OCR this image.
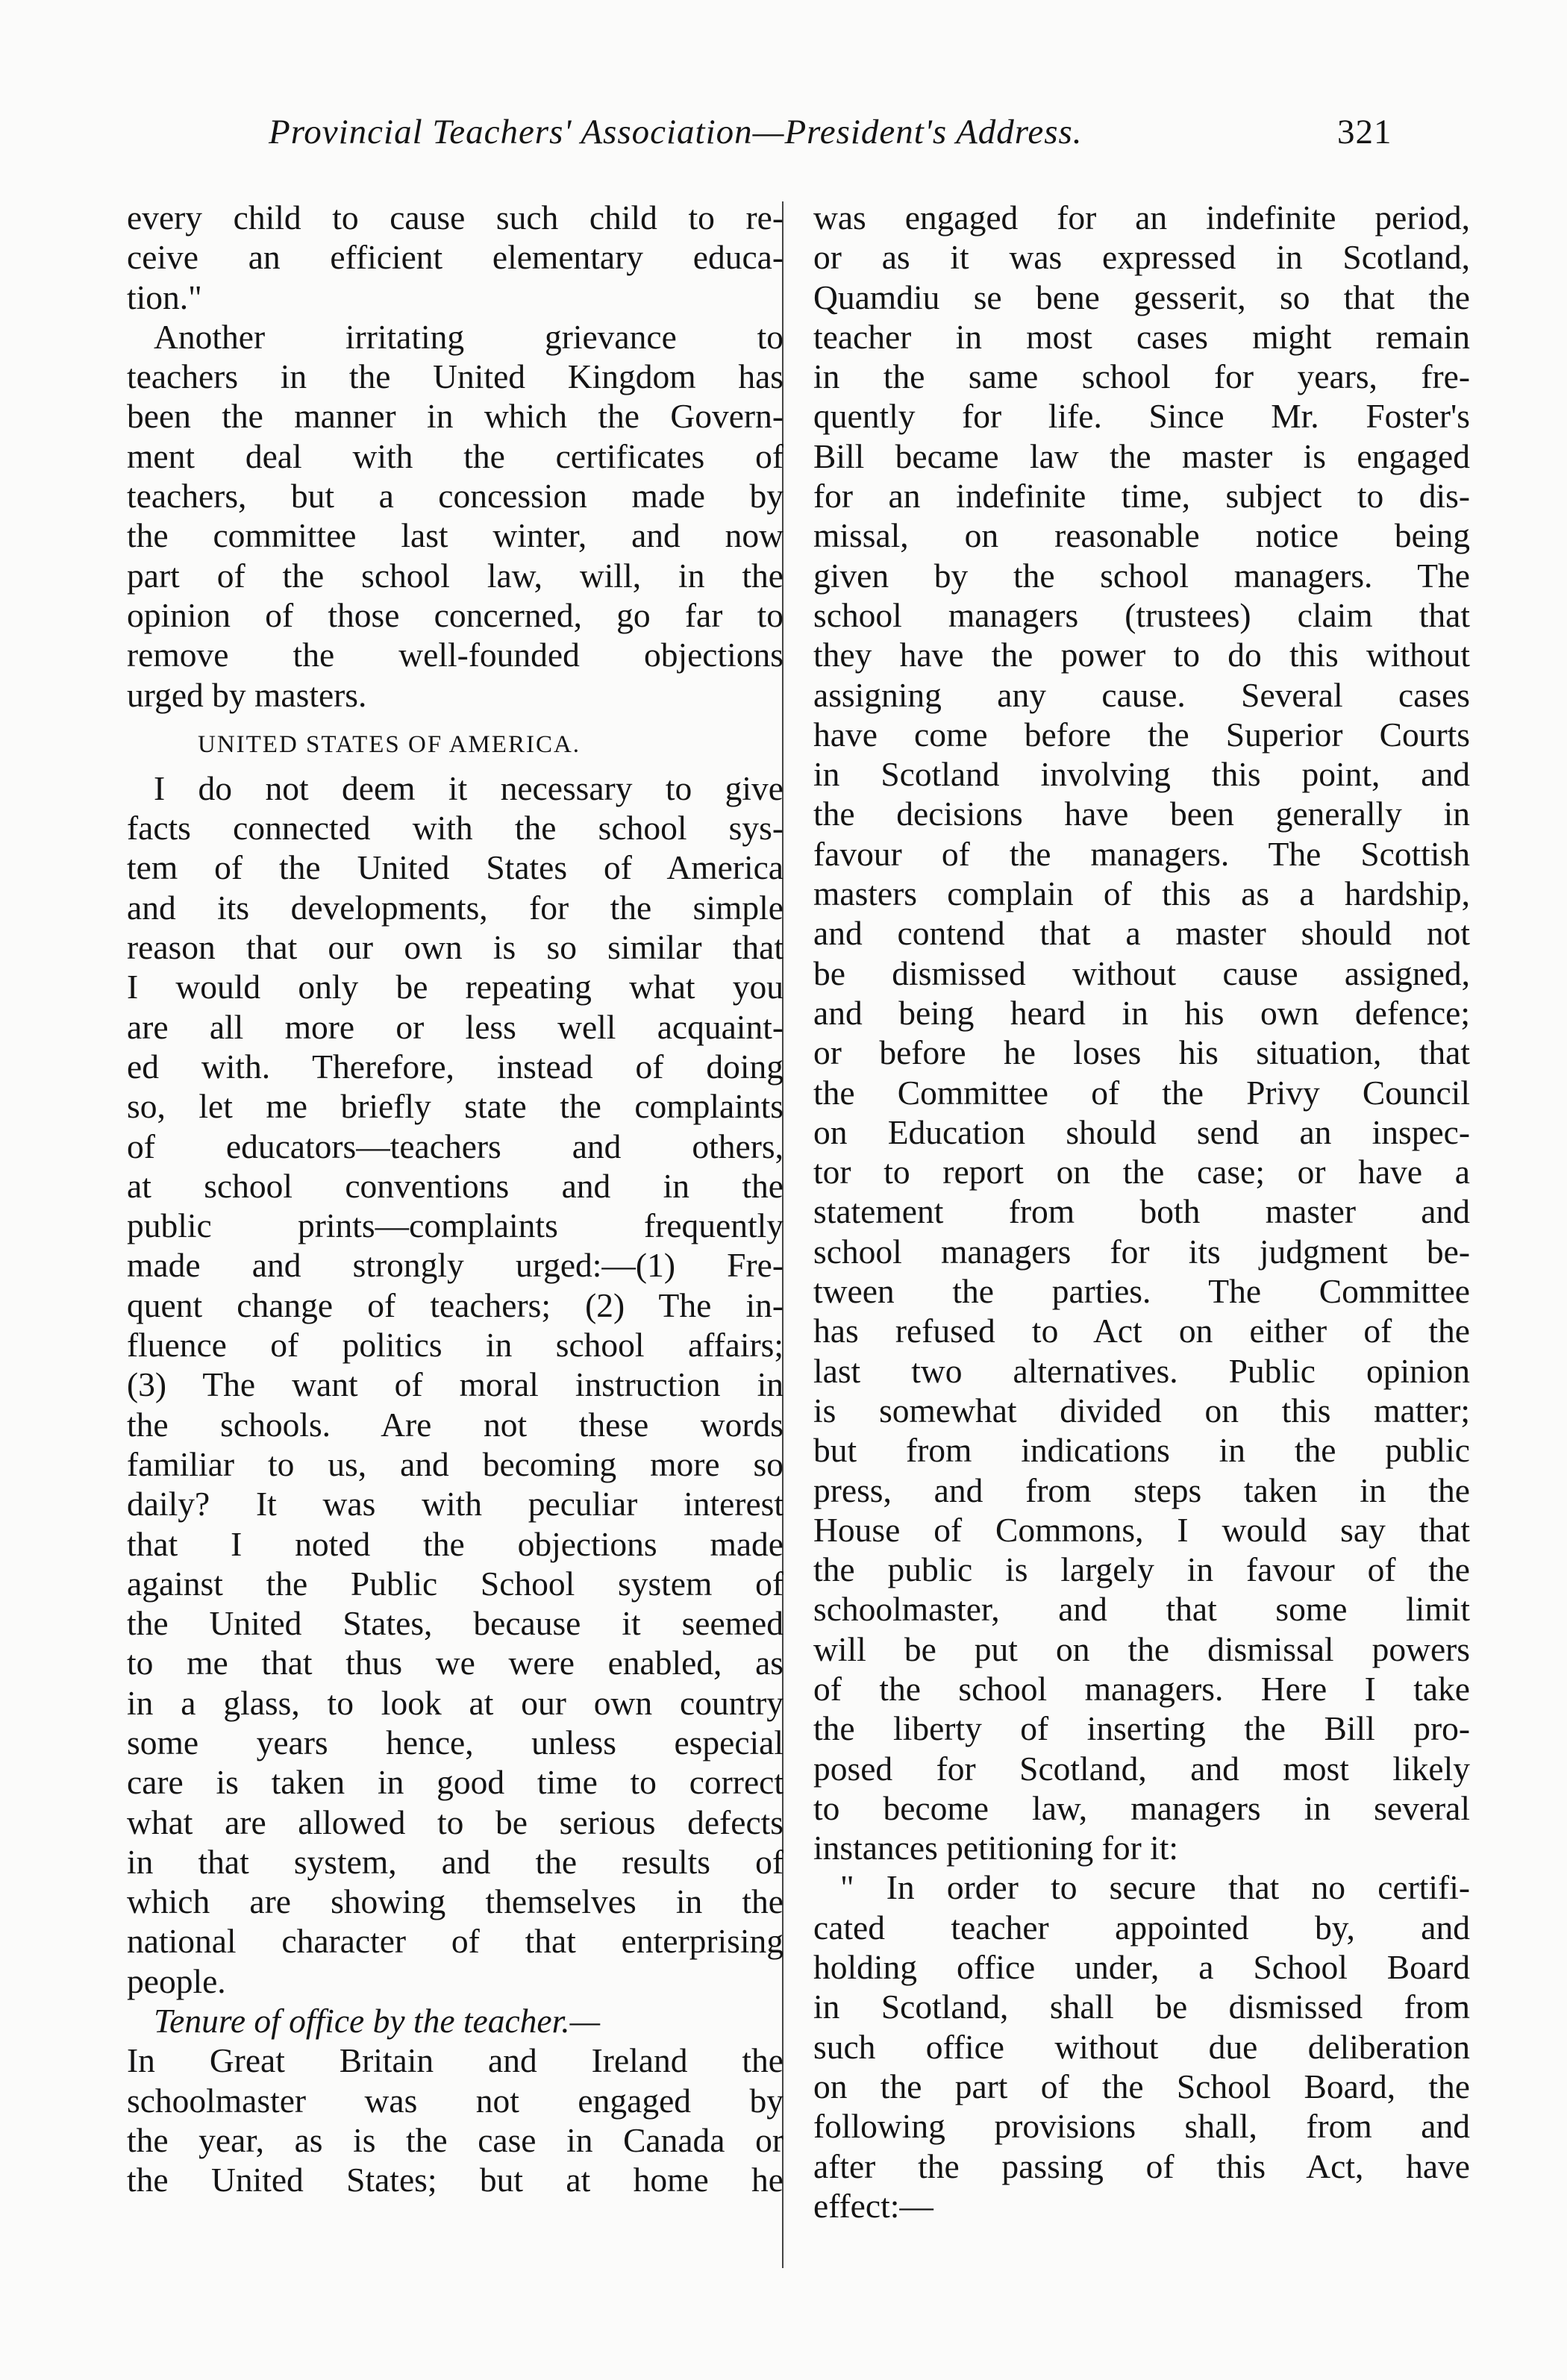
Provincial Teachers' Association—President's Address.	321
every child to cause such child to re-
ceive an efficient elementary educa-
tion."
Another irritating grievance to
teachers in the United Kingdom has
been the manner in which the Govern-
ment deal with the certificates of
teachers, but a concession made by
the committee last winter, and now
part of the school law, will, in the
opinion of those concerned, go far to
remove the well-founded objections
urged by masters.
UNITED STATES OF AMERICA.
I do not deem it necessary to give
facts connected with the school sys-
tem of the United States of America
and its developments, for the simple
reason that our own is so similar that
I would only be repeating what you
are all more or less well acquaint-
ed with. Therefore, instead of doing
so, let me briefly state the complaints
of educators—teachers and others,
at school conventions and in the
public prints—complaints frequently
made and strongly urged:—(1) Fre-
quent change of teachers; (2) The in-
fluence of politics in school affairs;
(3) The want of moral instruction in
the schools. Are not these words
familiar to us, and becoming more so
daily? It was with peculiar interest
that I noted the objections made
against the Public School system of
the United States, because it seemed
to me that thus we were enabled, as
in a glass, to look at our own country
some years hence, unless especial
care is taken in good time to correct
what are allowed to be serious defects
in that system, and the results of
which are showing themselves in the
national character of that enterprising
people.
Tenure of office by the teacher.—
In Great Britain and Ireland the
schoolmaster was not engaged by
the year, as is the case in Canada or
the United States; but at home he
was engaged for an indefinite period,
or as it was expressed in Scotland,
Quamdiu se bene gesserit, so that the
teacher in most cases might remain
in the same school for years, fre-
quently for life. Since Mr. Foster's
Bill became law the master is engaged
for an indefinite time, subject to dis-
missal, on reasonable notice being
given by the school managers. The
school managers (trustees) claim that
they have the power to do this without
assigning any cause. Several cases
have come before the Superior Courts
in Scotland involving this point, and
the decisions have been generally in
favour of the managers. The Scottish
masters complain of this as a hardship,
and contend that a master should not
be dismissed without cause assigned,
and being heard in his own defence;
or before he loses his situation, that
the Committee of the Privy Council
on Education should send an inspec-
tor to report on the case; or have a
statement from both master and
school managers for its judgment be-
tween the parties. The Committee
has refused to Act on either of the
last two alternatives. Public opinion
is somewhat divided on this matter;
but from indications in the public
press, and from steps taken in the
House of Commons, I would say that
the public is largely in favour of the
schoolmaster, and that some limit
will be put on the dismissal powers
of the school managers. Here I take
the liberty of inserting the Bill pro-
posed for Scotland, and most likely
to become law, managers in several
instances petitioning for it:
" In order to secure that no certifi-
cated teacher appointed by, and
holding office under, a School Board
in Scotland, shall be dismissed from
such office without due deliberation
on the part of the School Board, the
following provisions shall, from and
after the passing of this Act, have
effect:—
